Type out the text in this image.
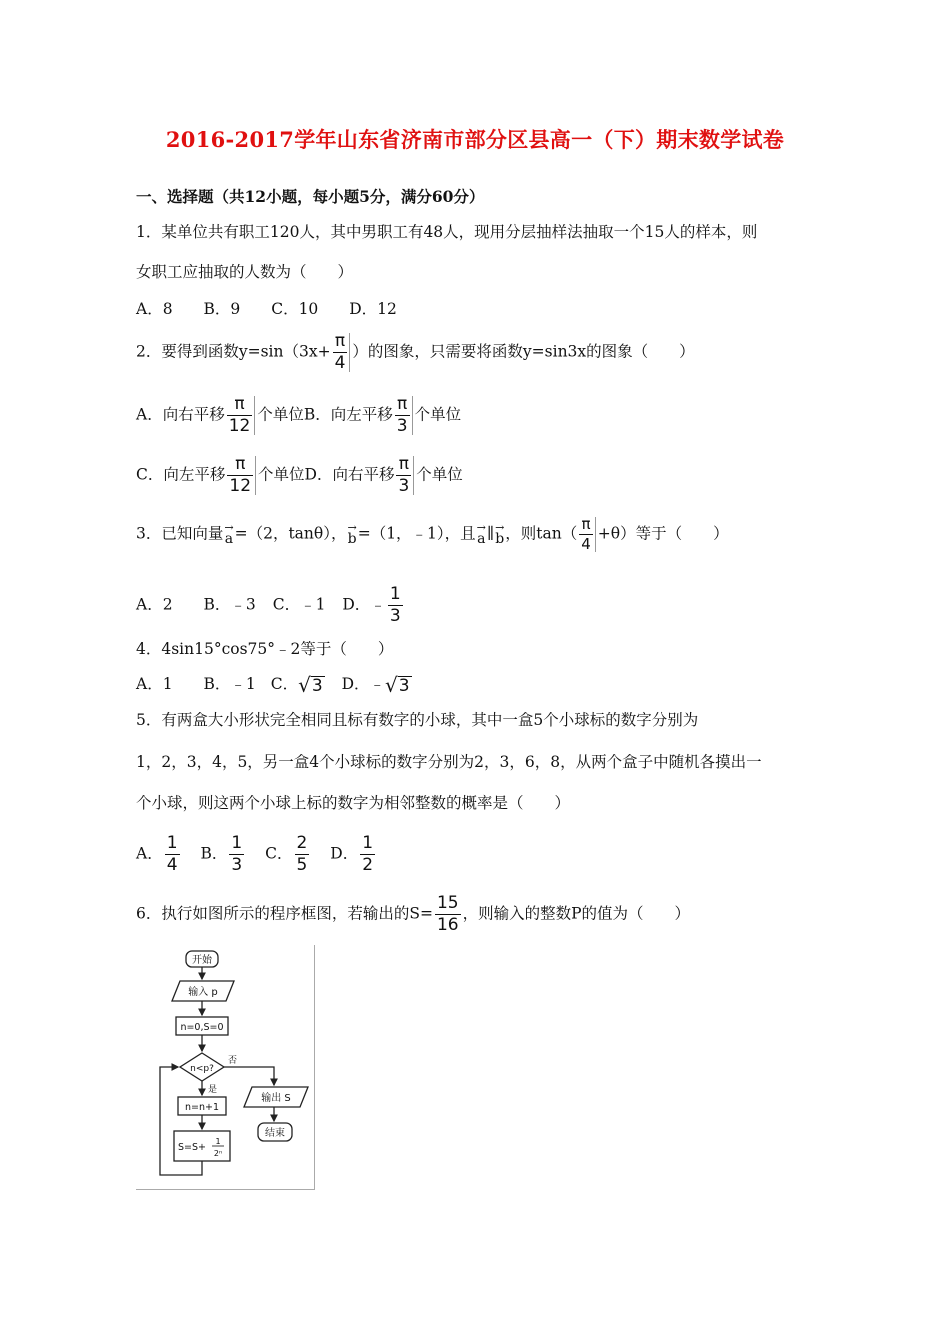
2016-2017学年山东省济南市部分区县高一（下）期末数学试卷
一、选择题（共12小题，每小题5分，满分60分）
1．某单位共有职工120人，其中男职工有48人，现用分层抽样法抽取一个15人的样本，则
女职工应抽取的人数为（　　）
A．8 B．9 C．10 D．12
2．要得到函数$y=\sin(3x+ \frac{\pi}{4}$ ）的图象，只需要将函数y=sin3x的图象（　　）
A．向右平移 $\frac{\pi}{12}$ 个单位B．向左平移 $\frac{\pi}{3}$ 个单位
C．向左平移 $\frac{\pi}{12}$ 个单位D．向右平移 $\frac{\pi}{3}$ 个单位
3．已知向量 →
a =（2，tanθ）， →
b =（1，﹣1），且 →
a ∥ →
b ，则$\tan( \frac{\pi}{4} +\theta)$等于（　　）
A．2 B．﹣3 C．﹣1 D．﹣ $\frac{1}{3}$
4．4sin15°cos75°﹣2等于（　　）
A．1 B．﹣1 C． √ 3 D．﹣ √ 3
5．有两盒大小形状完全相同且标有数字的小球，其中一盒5个小球标的数字分别为
1，2，3，4，5，另一盒4个小球标的数字分别为2，3，6，8，从两个盒子中随机各摸出一
个小球，则这两个小球上标的数字为相邻整数的概率是（　　）
A． $\frac{1}{4}$ B． $\frac{1}{3}$ C． $\frac{2}{5}$ D． $\frac{1}{2}$
6．执行如图所示的程序框图，若输出的$S= \frac{15}{16}$ ，则输入的整数P的值为（　　）
开始
输入 p
n=0,S=0
n<p?
是
否
n=n+1
S=S+
1
2ⁿ
输出 S
结束
